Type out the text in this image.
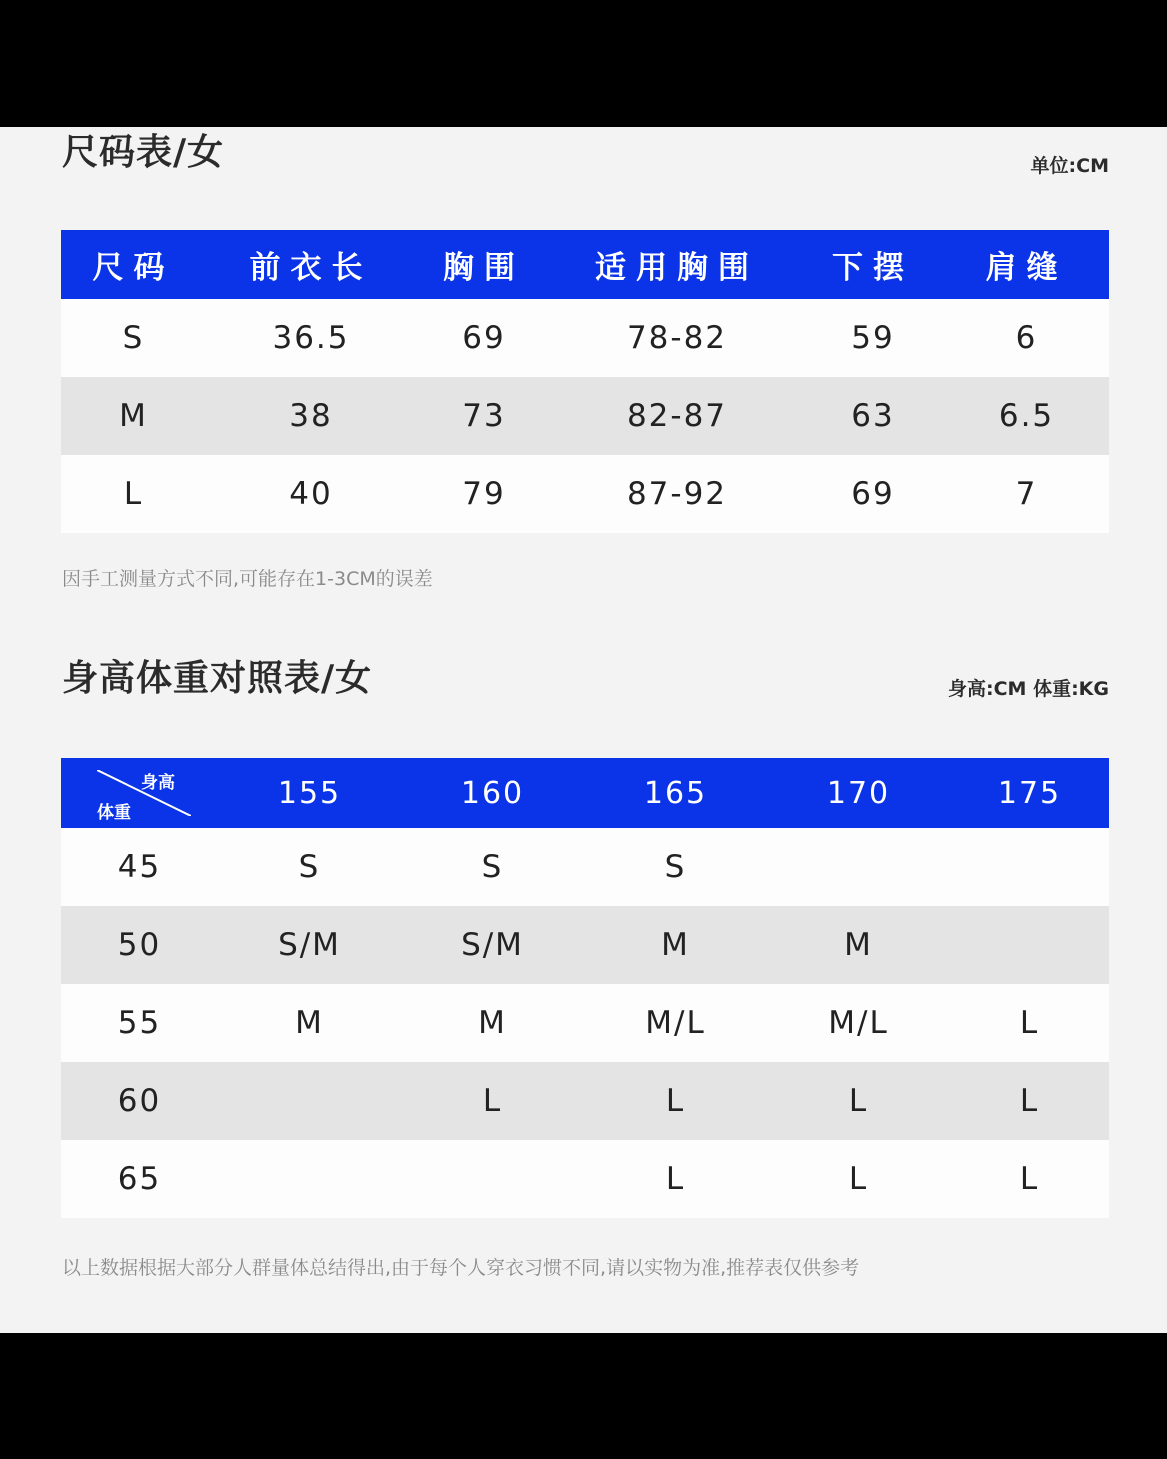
尺码表/女	单位:CM
尺码	前衣长	胸围	适用胸围	下摆	肩缝
S	36.5	69	78-82	59	6
M	38	73	82-87	63	6.5
L	40	79	87-92	69	7
因手工测量方式不同,可能存在1-3CM的误差
身高体重对照表/女	身高:CM 体重:KG
身高
体重	155	160	165	170	175
45	S	S	S		
50	S/M	S/M	M	M	
55	M	M	M/L	M/L	L
60		L	L	L	L
65			L	L	L
以上数据根据大部分人群量体总结得出,由于每个人穿衣习惯不同,请以实物为准,推荐表仅供参考
